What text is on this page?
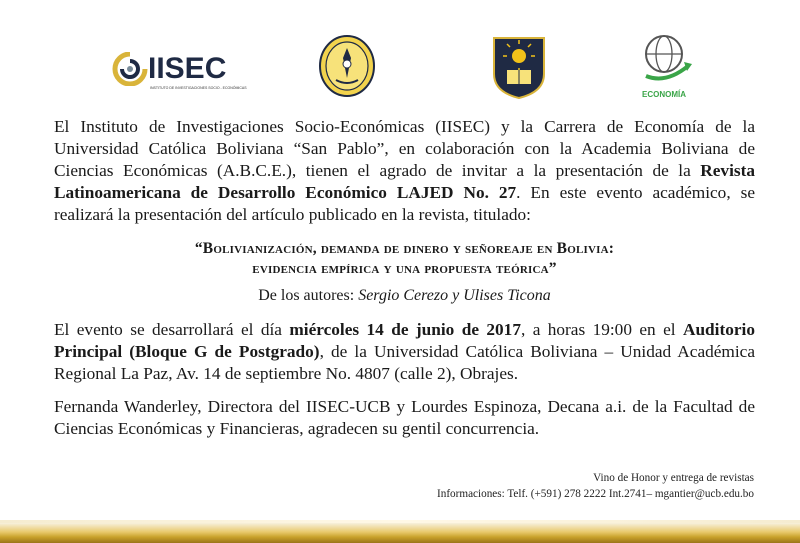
IISEC
INSTITUTO DE INVESTIGACIONES SOCIO - ECONÓMICAS
ECONOMÍA

El Instituto de Investigaciones Socio-Económicas (IISEC) y la Carrera de Economía de la Universidad Católica Boliviana “San Pablo”, en colaboración con la Academia Boliviana de Ciencias Económicas (A.B.C.E.), tienen el agrado de invitar a la presentación de la Revista Latinoamericana de Desarrollo Económico LAJED No. 27. En este evento académico, se realizará la presentación del artículo publicado en la revista, titulado:

“Bolivianización, demanda de dinero y señoreaje en Bolivia:
evidencia empírica y una propuesta teórica”
De los autores: Sergio Cerezo y Ulises Ticona

El evento se desarrollará el día miércoles 14 de junio de 2017, a horas 19:00 en el Auditorio Principal (Bloque G de Postgrado), de la Universidad Católica Boliviana – Unidad Académica Regional La Paz, Av. 14 de septiembre No. 4807 (calle 2), Obrajes.

Fernanda Wanderley, Directora del IISEC-UCB y Lourdes Espinoza, Decana a.i. de la Facultad de Ciencias Económicas y Financieras, agradecen su gentil concurrencia.

Vino de Honor y entrega de revistas
Informaciones: Telf. (+591) 278 2222 Int.2741– mgantier@ucb.edu.bo
